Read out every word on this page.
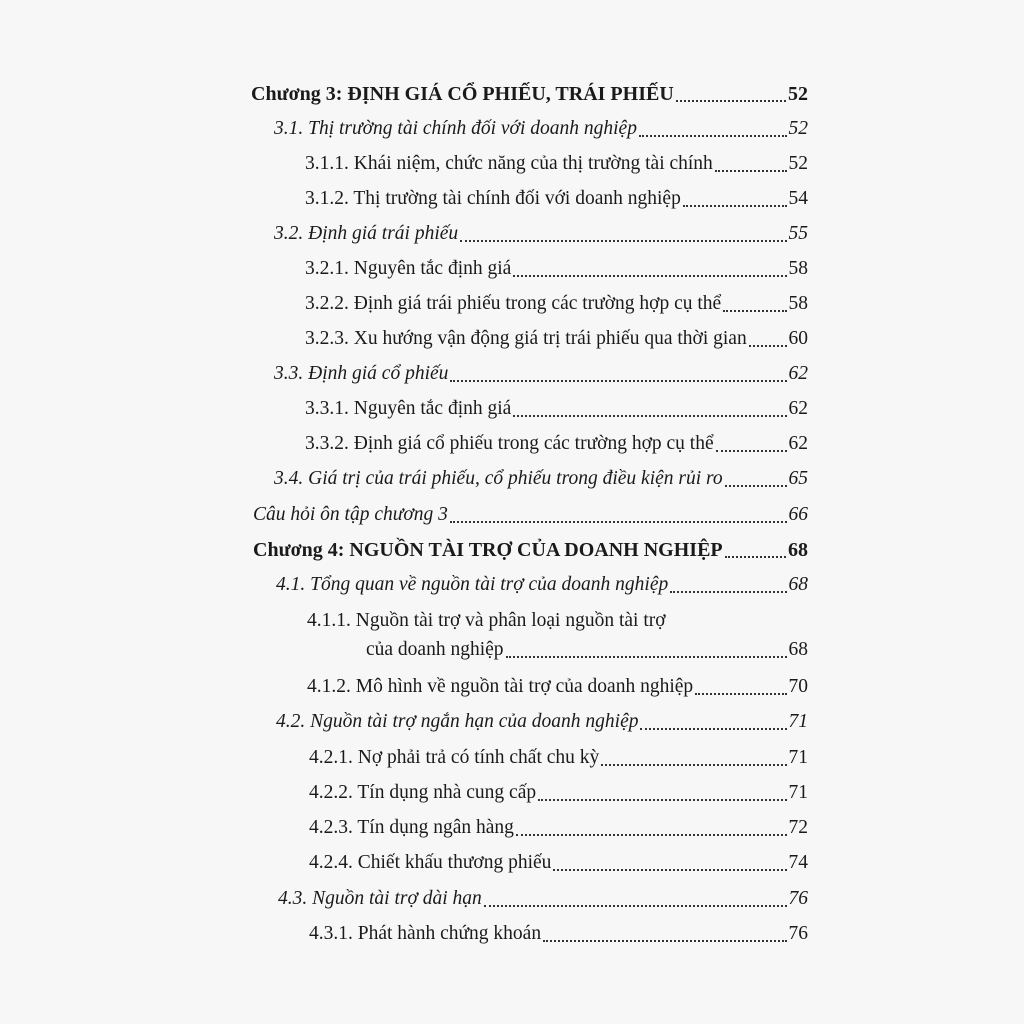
Chương 3: ĐỊNH GIÁ CỔ PHIẾU, TRÁI PHIẾU	52
3.1. Thị trường tài chính đối với doanh nghiệp	52
3.1.1. Khái niệm, chức năng của thị trường tài chính	52
3.1.2. Thị trường tài chính đối với doanh nghiệp	54
3.2. Định giá trái phiếu	55
3.2.1. Nguyên tắc định giá	58
3.2.2. Định giá trái phiếu trong các trường hợp cụ thể	58
3.2.3. Xu hướng vận động giá trị trái phiếu qua thời gian 60
3.3. Định giá cổ phiếu	62
3.3.1. Nguyên tắc định giá	62
3.3.2. Định giá cổ phiếu trong các trường hợp cụ thể	62
3.4. Giá trị của trái phiếu, cổ phiếu trong điều kiện rủi ro	65
Câu hỏi ôn tập chương 3	66
Chương 4: NGUỒN TÀI TRỢ CỦA DOANH NGHIỆP	68
4.1. Tổng quan về nguồn tài trợ của doanh nghiệp	68
4.1.1. Nguồn tài trợ và phân loại nguồn tài trợ
của doanh nghiệp	68
4.1.2. Mô hình về nguồn tài trợ của doanh nghiệp	70
4.2. Nguồn tài trợ ngắn hạn của doanh nghiệp	71
4.2.1. Nợ phải trả có tính chất chu kỳ	71
4.2.2. Tín dụng nhà cung cấp	71
4.2.3. Tín dụng ngân hàng	72
4.2.4. Chiết khấu thương phiếu	74
4.3. Nguồn tài trợ dài hạn	76
4.3.1. Phát hành chứng khoán	76
